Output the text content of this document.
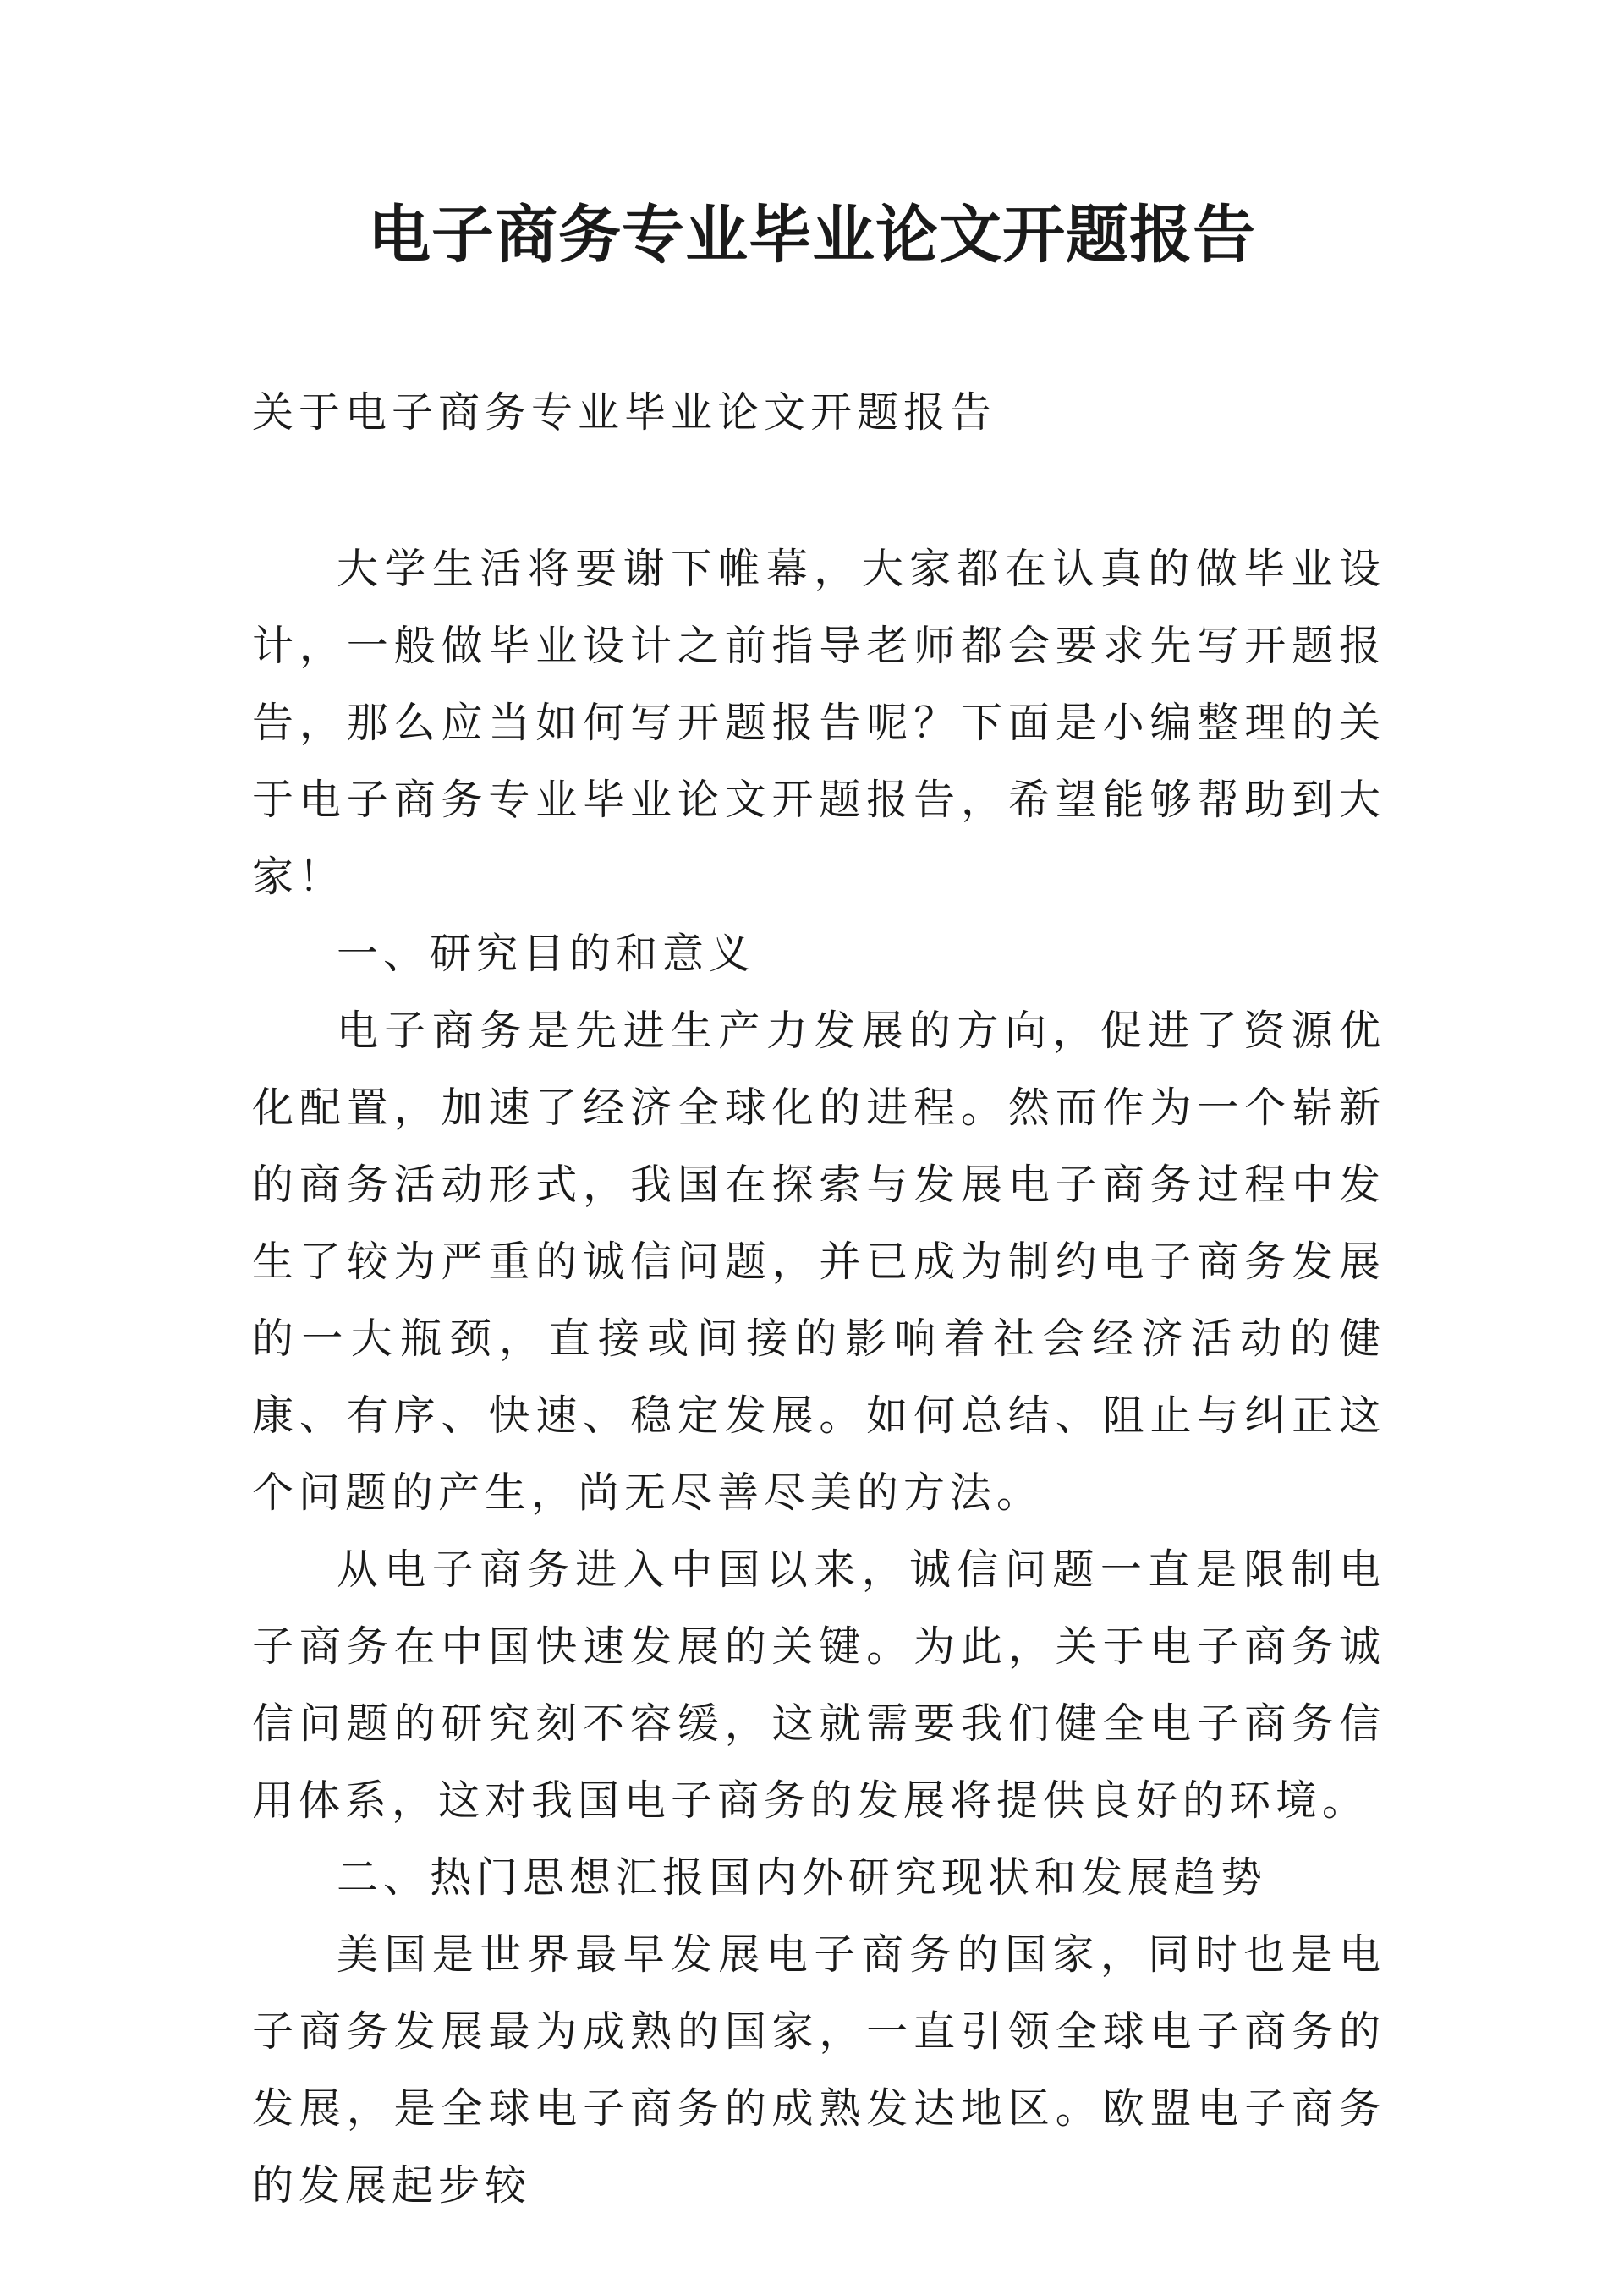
电子商务专业毕业论文开题报告

关于电子商务专业毕业论文开题报告

大学生活将要谢下帷幕，大家都在认真的做毕业设计，一般做毕业设计之前指导老师都会要求先写开题报告，那么应当如何写开题报告呢？下面是小编整理的关于电子商务专业毕业论文开题报告，希望能够帮助到大家！

一、研究目的和意义

电子商务是先进生产力发展的方向，促进了资源优化配置，加速了经济全球化的进程。然而作为一个崭新的商务活动形式，我国在探索与发展电子商务过程中发生了较为严重的诚信问题，并已成为制约电子商务发展的一大瓶颈，直接或间接的影响着社会经济活动的健康、有序、快速、稳定发展。如何总结、阻止与纠正这个问题的产生，尚无尽善尽美的方法。

从电子商务进入中国以来，诚信问题一直是限制电子商务在中国快速发展的关键。为此，关于电子商务诚信问题的研究刻不容缓，这就需要我们健全电子商务信用体系，这对我国电子商务的发展将提供良好的环境。

二、热门思想汇报国内外研究现状和发展趋势

美国是世界最早发展电子商务的国家，同时也是电子商务发展最为成熟的国家，一直引领全球电子商务的发展，是全球电子商务的成熟发达地区。欧盟电子商务的发展起步较
